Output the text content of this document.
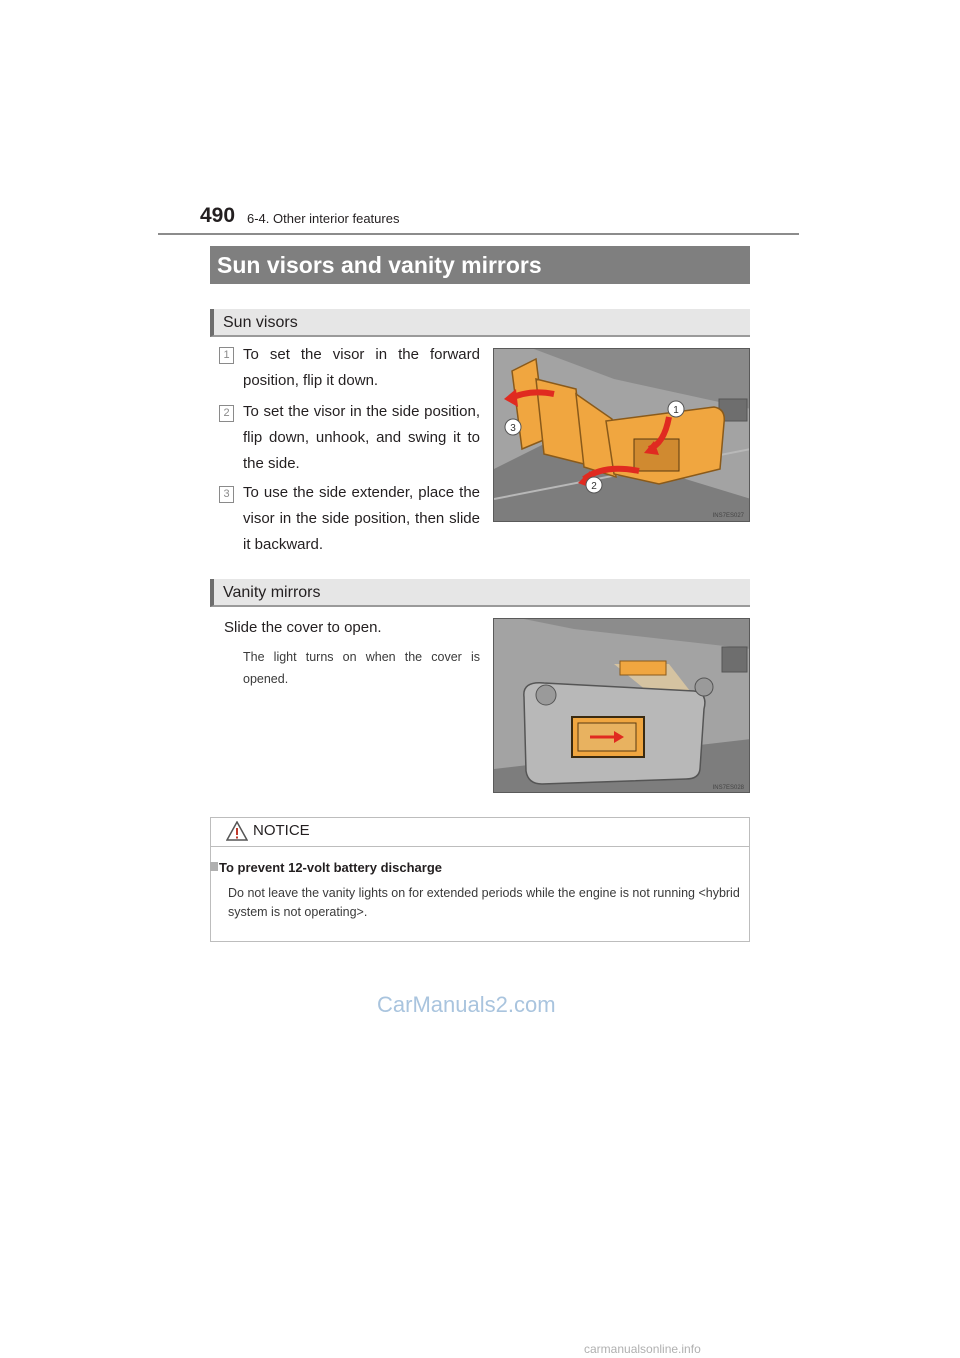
490 6-4. Other interior features
Sun visors and vanity mirrors
Sun visors
1 To set the visor in the forward position, flip it down.
2 To set the visor in the side position, flip down, unhook, and swing it to the side.
3 To use the side extender, place the visor in the side position, then slide it backward.
1
2
3
INS7ES027
Vanity mirrors
Slide the cover to open.
The light turns on when the cover is opened.
INS7ES028
NOTICE
To prevent 12-volt battery discharge
Do not leave the vanity lights on for extended periods while the engine is not running <hybrid system is not operating>.
CarManuals2.com
carmanualsonline.info
